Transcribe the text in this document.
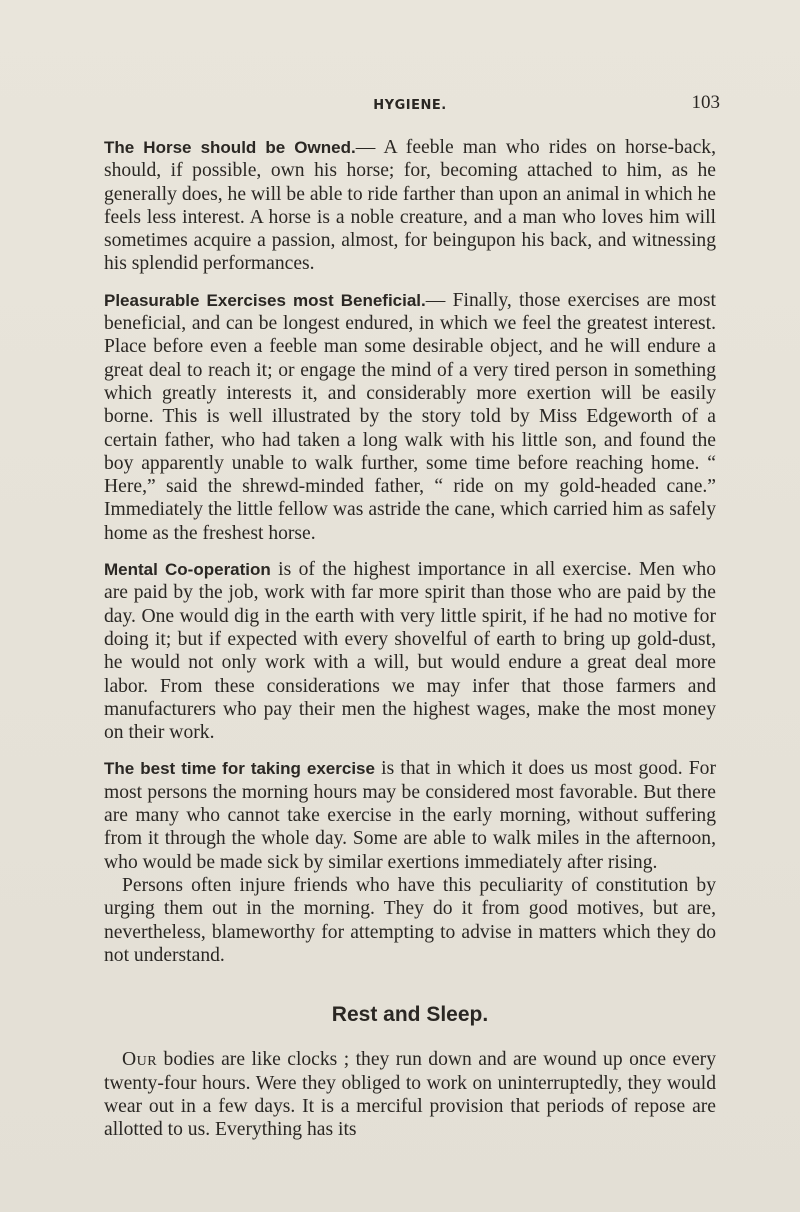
HYGIENE.	103

The Horse should be Owned.— A feeble man who rides on horse-back, should, if possible, own his horse; for, becoming attached to him, as he generally does, he will be able to ride farther than upon an animal in which he feels less interest. A horse is a noble creature, and a man who loves him will sometimes acquire a passion, almost, for beingupon his back, and witnessing his splendid performances.

Pleasurable Exercises most Beneficial.— Finally, those exercises are most beneficial, and can be longest endured, in which we feel the greatest interest. Place before even a feeble man some desirable object, and he will endure a great deal to reach it; or engage the mind of a very tired person in something which greatly interests it, and considerably more exertion will be easily borne. This is well illustrated by the story told by Miss Edgeworth of a certain father, who had taken a long walk with his little son, and found the boy apparently unable to walk further, some time before reaching home. “ Here,” said the shrewd-minded father, “ ride on my gold-headed cane.” Immediately the little fellow was astride the cane, which carried him as safely home as the freshest horse.

Mental Co-operation is of the highest importance in all exercise. Men who are paid by the job, work with far more spirit than those who are paid by the day. One would dig in the earth with very little spirit, if he had no motive for doing it; but if expected with every shovelful of earth to bring up gold-dust, he would not only work with a will, but would endure a great deal more labor. From these considerations we may infer that those farmers and manufacturers who pay their men the highest wages, make the most money on their work.

The best time for taking exercise is that in which it does us most good. For most persons the morning hours may be considered most favorable. But there are many who cannot take exercise in the early morning, without suffering from it through the whole day. Some are able to walk miles in the afternoon, who would be made sick by similar exertions immediately after rising.

Persons often injure friends who have this peculiarity of constitution by urging them out in the morning. They do it from good motives, but are, nevertheless, blameworthy for attempting to advise in matters which they do not understand.

Rest and Sleep.

Our bodies are like clocks ; they run down and are wound up once every twenty-four hours. Were they obliged to work on uninterruptedly, they would wear out in a few days. It is a merciful provision that periods of repose are allotted to us. Everything has its
